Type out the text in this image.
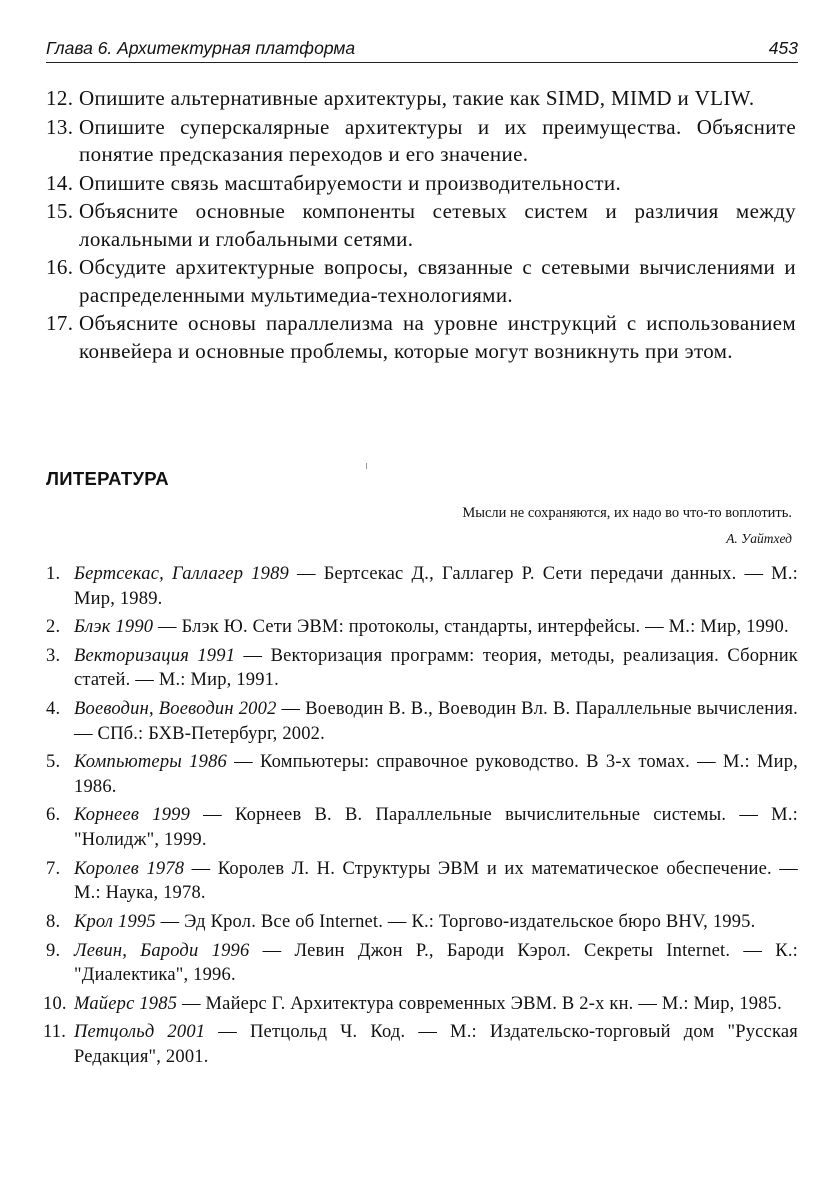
Глава 6. Архитектурная платформа	453
12. Опишите альтернативные архитектуры, такие как SIMD, MIMD и VLIW.
13. Опишите суперскалярные архитектуры и их преимущества. Объясните понятие предсказания переходов и его значение.
14. Опишите связь масштабируемости и производительности.
15. Объясните основные компоненты сетевых систем и различия между локальными и глобальными сетями.
16. Обсудите архитектурные вопросы, связанные с сетевыми вычислениями и распределенными мультимедиа-технологиями.
17. Объясните основы параллелизма на уровне инструкций с использованием конвейера и основные проблемы, которые могут возникнуть при этом.
ЛИТЕРАТУРА
Мысли не сохраняются, их надо во что-то воплотить.
А. Уайтхед
1. Бертсекас, Галлагер 1989 — Бертсекас Д., Галлагер Р. Сети передачи данных. — М.: Мир, 1989.
2. Блэк 1990 — Блэк Ю. Сети ЭВМ: протоколы, стандарты, интерфейсы. — М.: Мир, 1990.
3. Векторизация 1991 — Векторизация программ: теория, методы, реализация. Сборник статей. — М.: Мир, 1991.
4. Воеводин, Воеводин 2002 — Воеводин В. В., Воеводин Вл. В. Параллельные вычисления. — СПб.: БХВ-Петербург, 2002.
5. Компьютеры 1986 — Компьютеры: справочное руководство. В 3-х томах. — М.: Мир, 1986.
6. Корнеев 1999 — Корнеев В. В. Параллельные вычислительные системы. — М.: "Нолидж", 1999.
7. Королев 1978 — Королев Л. Н. Структуры ЭВМ и их математическое обеспечение. — М.: Наука, 1978.
8. Крол 1995 — Эд Крол. Все об Internet. — К.: Торгово-издательское бюро BHV, 1995.
9. Левин, Бароди 1996 — Левин Джон Р., Бароди Кэрол. Секреты Internet. — К.: "Диалектика", 1996.
10. Майерс 1985 — Майерс Г. Архитектура современных ЭВМ. В 2-х кн. — М.: Мир, 1985.
11. Петцольд 2001 — Петцольд Ч. Код. — М.: Издательско-торговый дом "Русская Редакция", 2001.
